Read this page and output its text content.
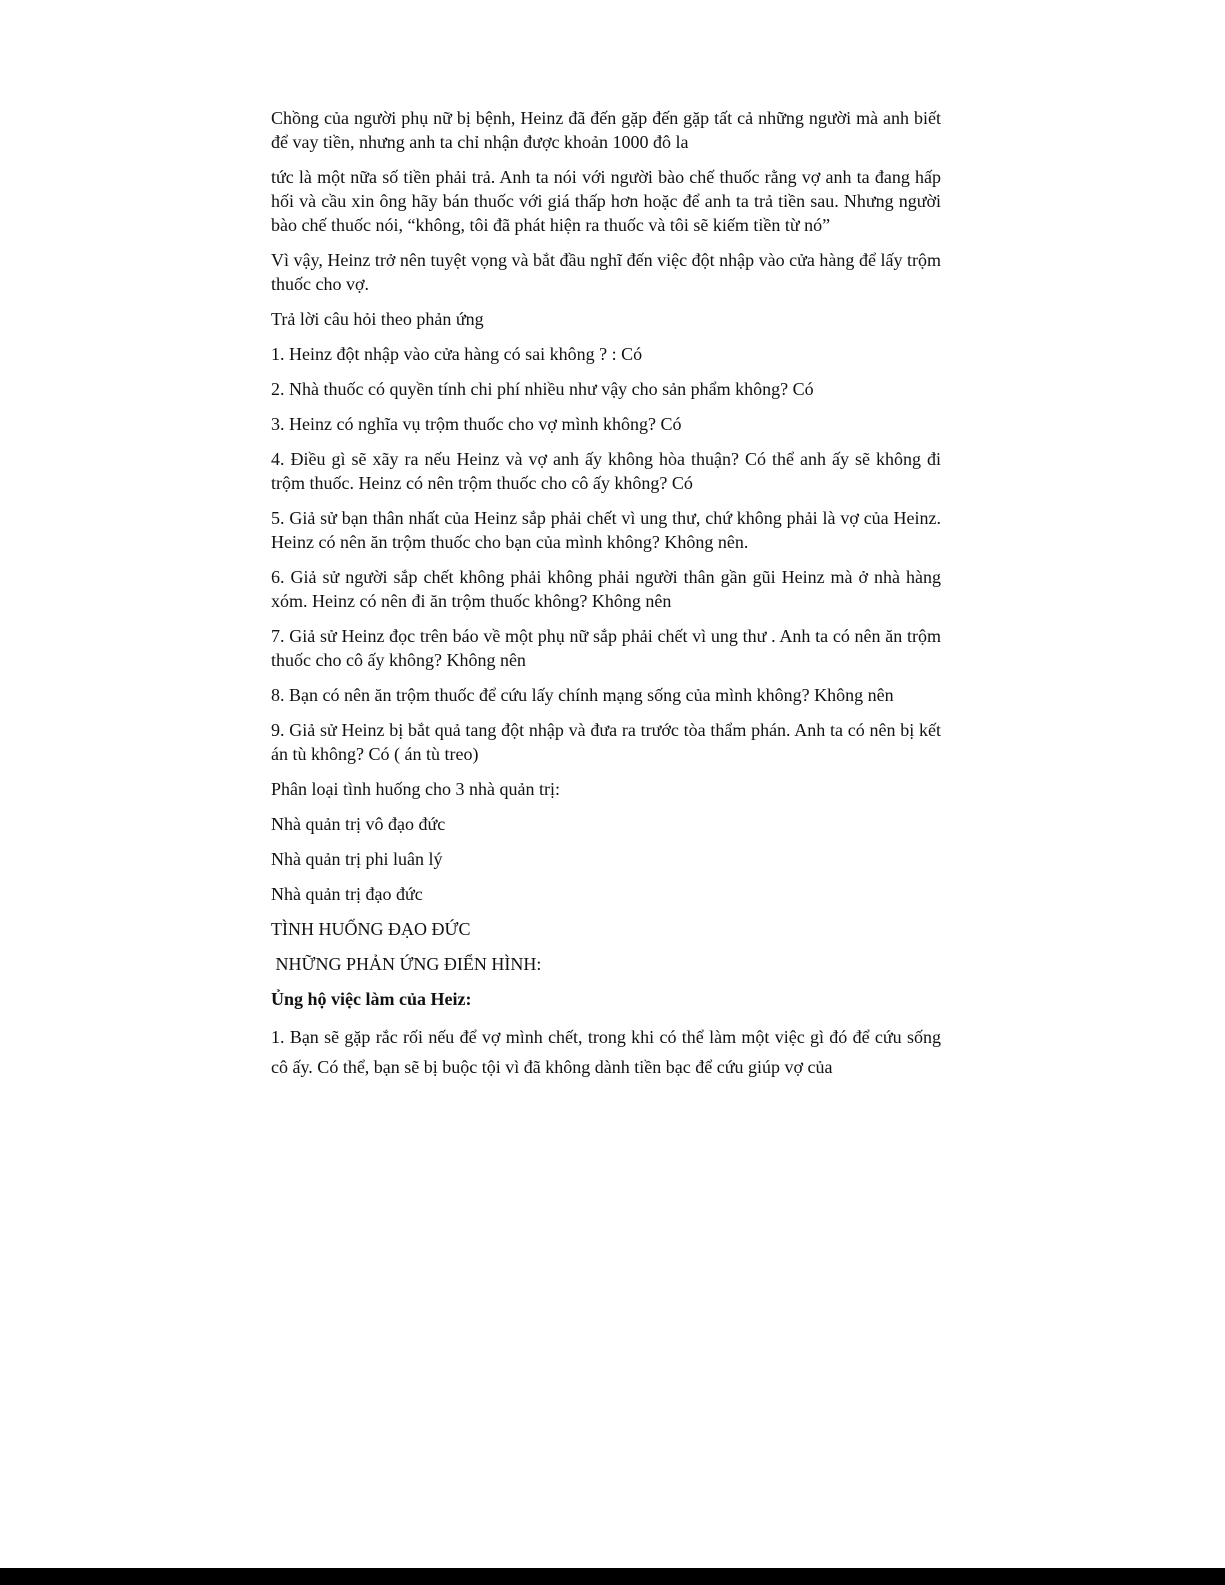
Chồng của người phụ nữ bị bệnh, Heinz đã đến gặp đến gặp tất cả những người mà anh biết để vay tiền, nhưng anh ta chỉ nhận được khoản 1000 đô la

tức là một nữa số tiền phải trả. Anh ta nói với người bào chế thuốc rằng vợ anh ta đang hấp hối và cầu xin ông hãy bán thuốc với giá thấp hơn hoặc để anh ta trả tiền sau. Nhưng người bào chế thuốc nói, “không, tôi đã phát hiện ra thuốc và tôi sẽ kiếm tiền từ nó”

Vì vậy, Heinz trở nên tuyệt vọng và bắt đầu nghĩ đến việc đột nhập vào cửa hàng để lấy trộm thuốc cho vợ.

Trả lời câu hỏi theo phản ứng

1. Heinz đột nhập vào cửa hàng có sai không ? : Có

2. Nhà thuốc có quyền tính chi phí nhiều như vậy cho sản phẩm không? Có

3. Heinz có nghĩa vụ trộm thuốc cho vợ mình không? Có

4. Điều gì sẽ xãy ra nếu Heinz và vợ anh ấy không hòa thuận? Có thể anh ấy sẽ không đi trộm thuốc. Heinz có nên trộm thuốc cho cô ấy không? Có

5. Giả sử bạn thân nhất của Heinz sắp phải chết vì ung thư, chứ không phải là vợ của Heinz. Heinz có nên ăn trộm thuốc cho bạn của mình không? Không nên.

6. Giả sử người sắp chết không phải không phải người thân gần gũi Heinz mà ở nhà hàng xóm. Heinz có nên đi ăn trộm thuốc không? Không nên

7. Giả sử Heinz đọc trên báo về một phụ nữ sắp phải chết vì ung thư . Anh ta có nên ăn trộm thuốc cho cô ấy không? Không nên

8. Bạn có nên ăn trộm thuốc để cứu lấy chính mạng sống của mình không? Không nên

9. Giả sử Heinz bị bắt quả tang đột nhập và đưa ra trước tòa thẩm phán. Anh ta có nên bị kết án tù không? Có ( án tù treo)

Phân loại tình huống cho 3 nhà quản trị:

Nhà quản trị vô đạo đức

Nhà quản trị phi luân lý

Nhà quản trị đạo đức

TÌNH HUỐNG ĐẠO ĐỨC

NHỮNG PHẢN ỨNG ĐIỂN HÌNH:

Ủng hộ việc làm của Heiz:

1. Bạn sẽ gặp rắc rối nếu để vợ mình chết, trong khi có thể làm một việc gì đó để cứu sống cô ấy. Có thể, bạn sẽ bị buộc tội vì đã không dành tiền bạc để cứu giúp vợ của
